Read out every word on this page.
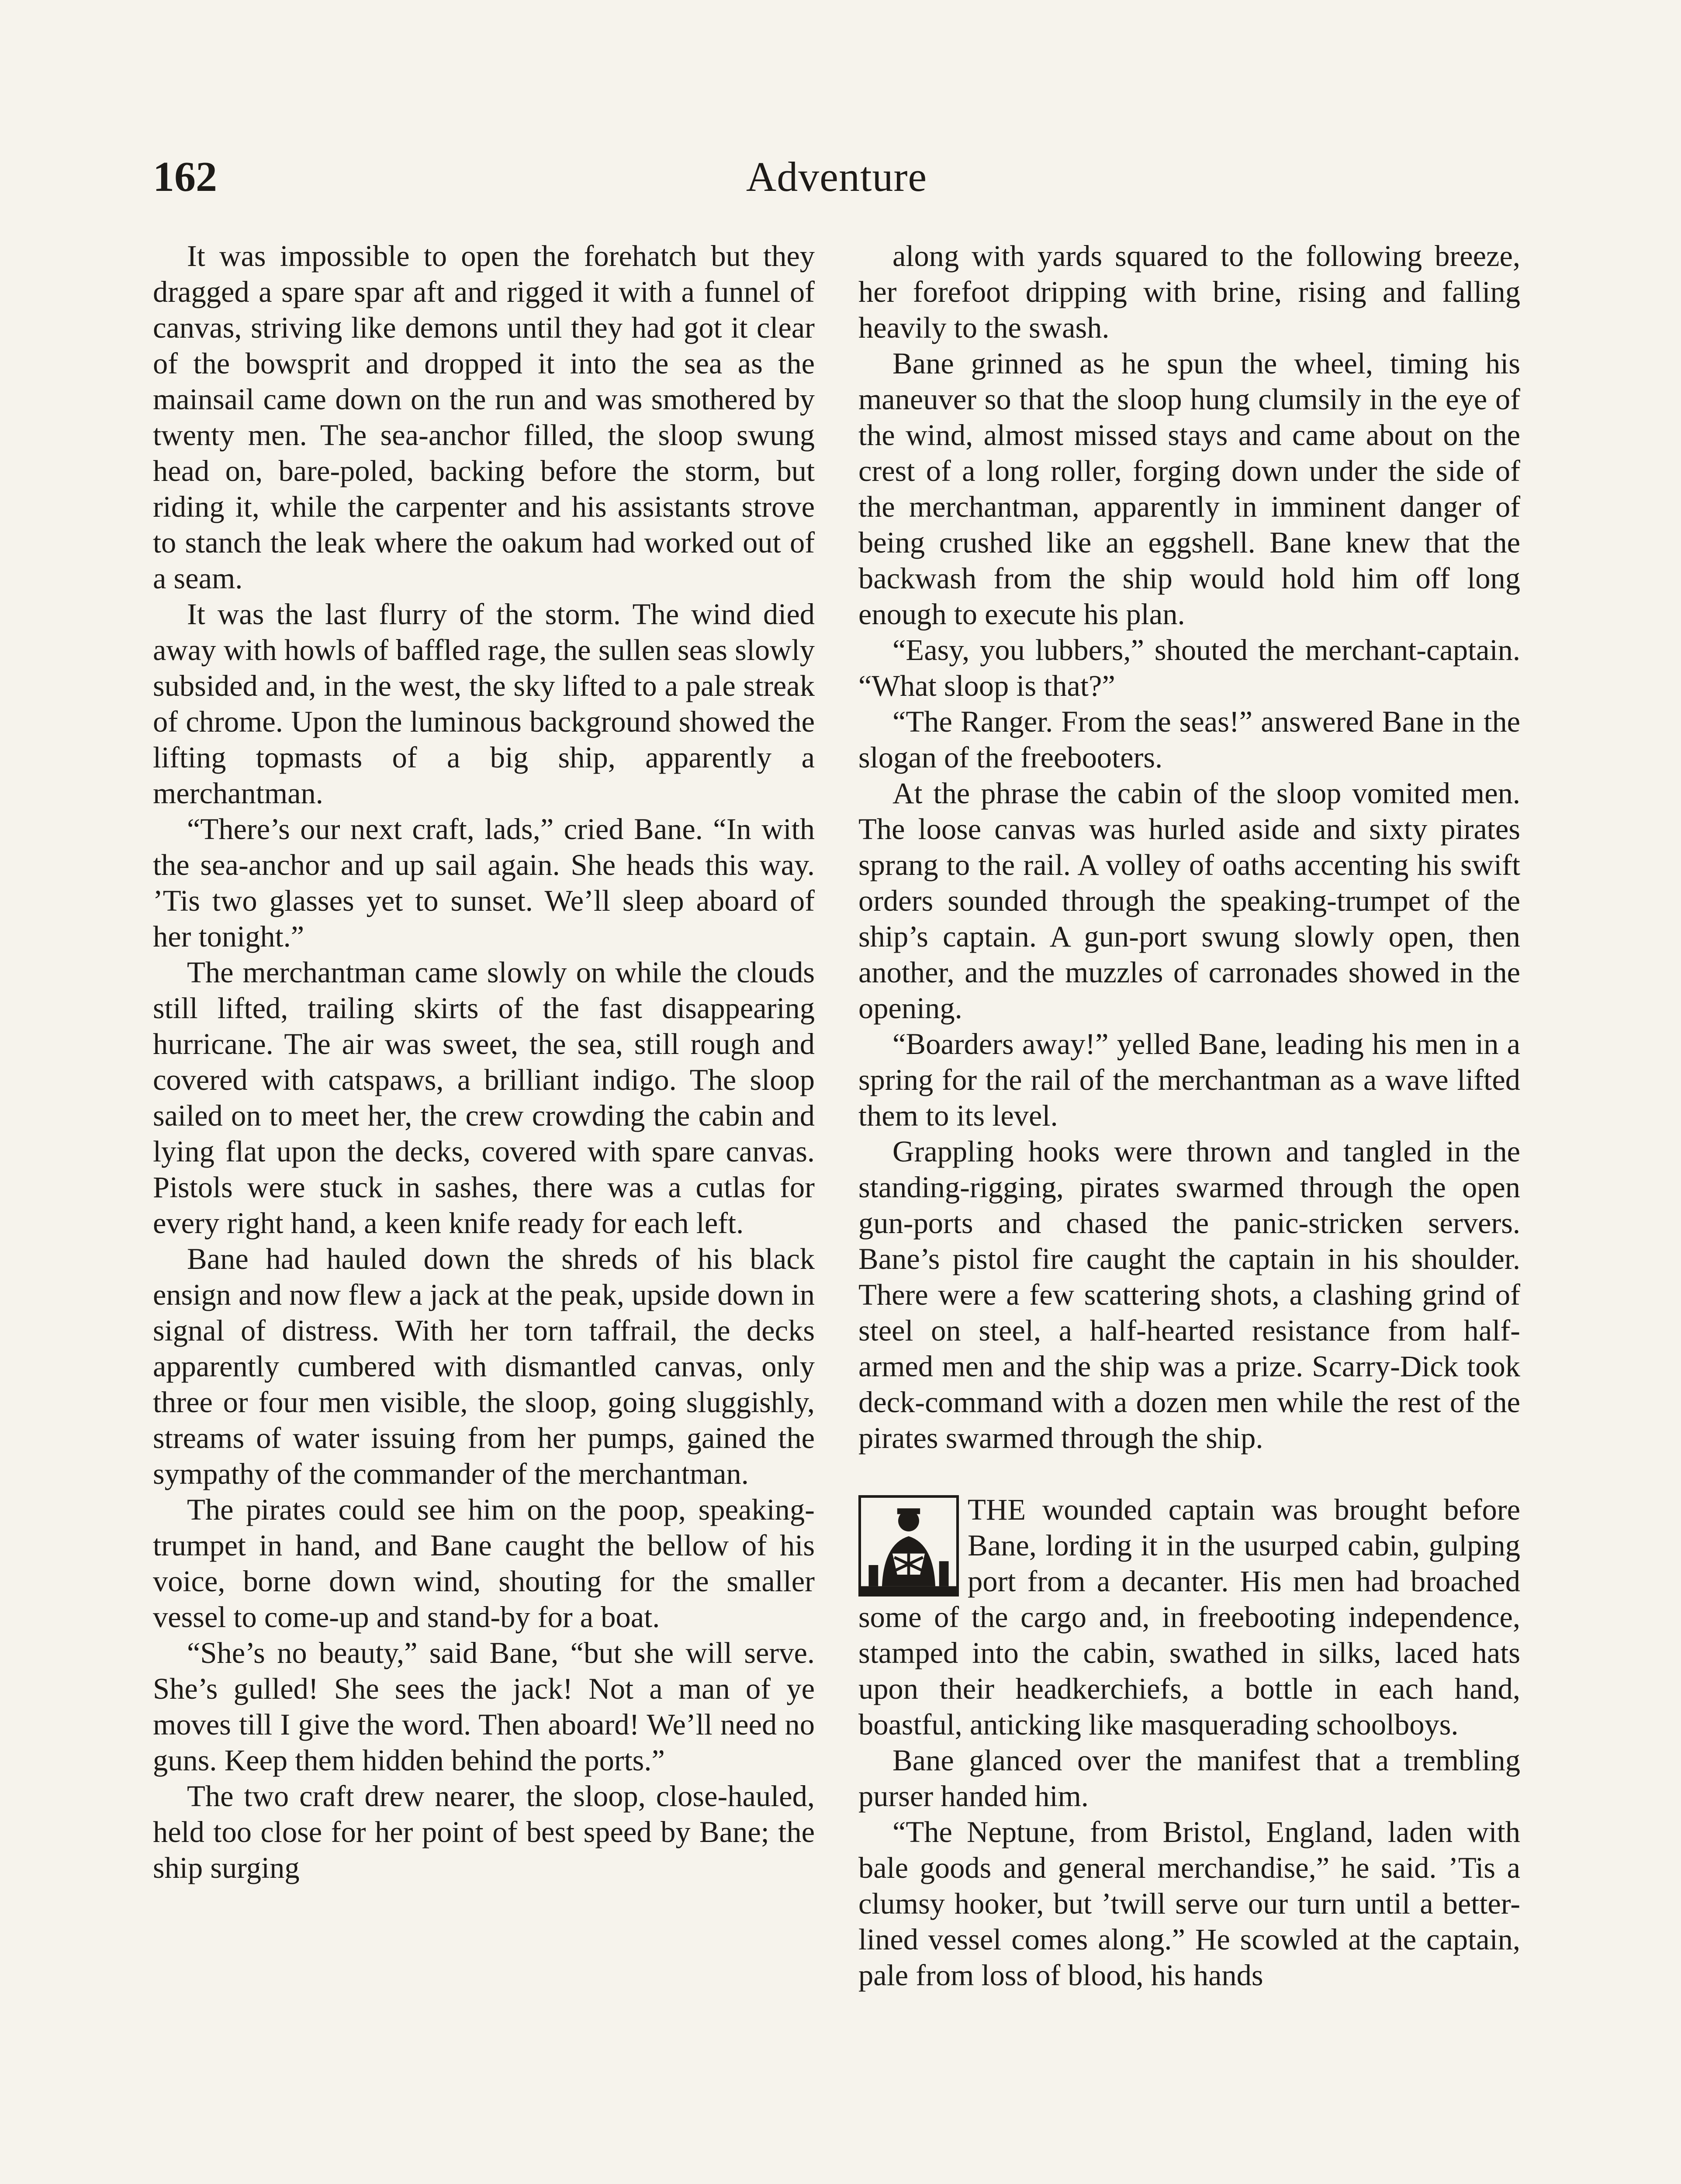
162	Adventure

It was impossible to open the forehatch but they dragged a spare spar aft and rigged it with a funnel of canvas, striving like demons until they had got it clear of the bowsprit and dropped it into the sea as the mainsail came down on the run and was smothered by twenty men. The sea-anchor filled, the sloop swung head on, bare-poled, backing before the storm, but riding it, while the carpenter and his assistants strove to stanch the leak where the oakum had worked out of a seam.

It was the last flurry of the storm. The wind died away with howls of baffled rage, the sullen seas slowly subsided and, in the west, the sky lifted to a pale streak of chrome. Upon the luminous background showed the lifting topmasts of a big ship, apparently a merchantman.

“There’s our next craft, lads,” cried Bane. “In with the sea-anchor and up sail again. She heads this way. ’Tis two glasses yet to sunset. We’ll sleep aboard of her tonight.”

The merchantman came slowly on while the clouds still lifted, trailing skirts of the fast disappearing hurricane. The air was sweet, the sea, still rough and covered with catspaws, a brilliant indigo. The sloop sailed on to meet her, the crew crowding the cabin and lying flat upon the decks, covered with spare canvas. Pistols were stuck in sashes, there was a cutlas for every right hand, a keen knife ready for each left.

Bane had hauled down the shreds of his black ensign and now flew a jack at the peak, upside down in signal of distress. With her torn taffrail, the decks apparently cumbered with dismantled canvas, only three or four men visible, the sloop, going sluggishly, streams of water issuing from her pumps, gained the sympathy of the commander of the merchantman.

The pirates could see him on the poop, speaking-trumpet in hand, and Bane caught the bellow of his voice, borne down wind, shouting for the smaller vessel to come-up and stand-by for a boat.

“She’s no beauty,” said Bane, “but she will serve. She’s gulled! She sees the jack! Not a man of ye moves till I give the word. Then aboard! We’ll need no guns. Keep them hidden behind the ports.”

The two craft drew nearer, the sloop, close-hauled, held too close for her point of best speed by Bane; the ship surging

along with yards squared to the following breeze, her forefoot dripping with brine, rising and falling heavily to the swash.

Bane grinned as he spun the wheel, timing his maneuver so that the sloop hung clumsily in the eye of the wind, almost missed stays and came about on the crest of a long roller, forging down under the side of the merchantman, apparently in imminent danger of being crushed like an eggshell. Bane knew that the backwash from the ship would hold him off long enough to execute his plan.

“Easy, you lubbers,” shouted the merchant-captain. “What sloop is that?”

“The Ranger. From the seas!” answered Bane in the slogan of the freebooters.

At the phrase the cabin of the sloop vomited men. The loose canvas was hurled aside and sixty pirates sprang to the rail. A volley of oaths accenting his swift orders sounded through the speaking-trumpet of the ship’s captain. A gun-port swung slowly open, then another, and the muzzles of carronades showed in the opening.

“Boarders away!” yelled Bane, leading his men in a spring for the rail of the merchantman as a wave lifted them to its level.

Grappling hooks were thrown and tangled in the standing-rigging, pirates swarmed through the open gun-ports and chased the panic-stricken servers. Bane’s pistol fire caught the captain in his shoulder. There were a few scattering shots, a clashing grind of steel on steel, a half-hearted resistance from half-armed men and the ship was a prize. Scarry-Dick took deck-command with a dozen men while the rest of the pirates swarmed through the ship.

THE wounded captain was brought before Bane, lording it in the usurped cabin, gulping port from a decanter. His men had broached some of the cargo and, in freebooting independence, stamped into the cabin, swathed in silks, laced hats upon their headkerchiefs, a bottle in each hand, boastful, anticking like masquerading schoolboys.

Bane glanced over the manifest that a trembling purser handed him.

“The Neptune, from Bristol, England, laden with bale goods and general merchandise,” he said. ’Tis a clumsy hooker, but ’twill serve our turn until a better-lined vessel comes along.” He scowled at the captain, pale from loss of blood, his hands
